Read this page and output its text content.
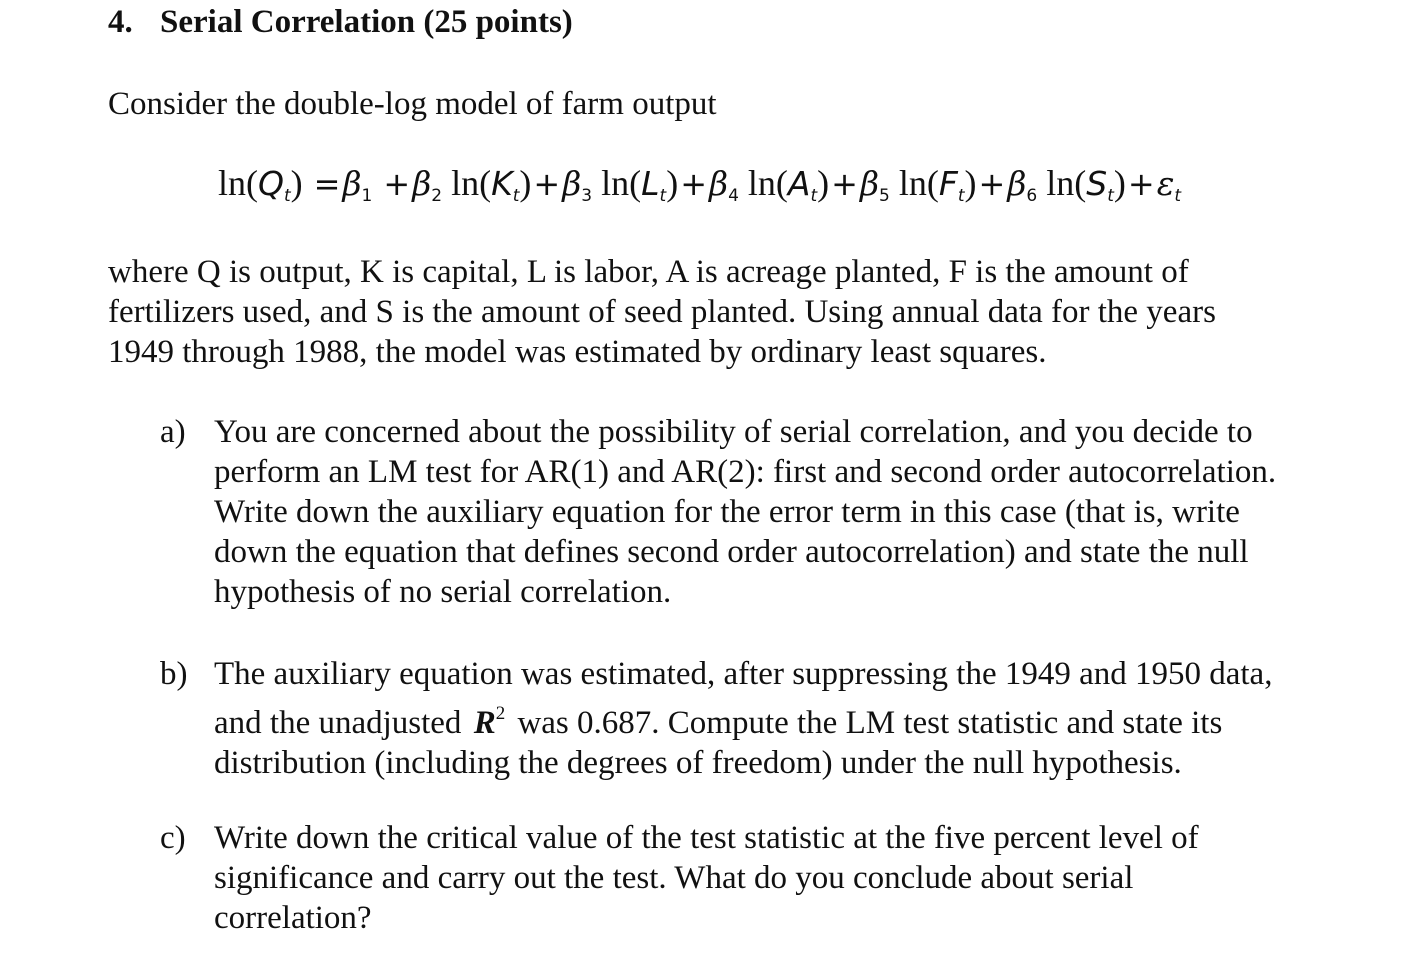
4. Serial Correlation (25 points)
Consider the double-log model of farm output
$\ln(Q_t) =\beta_1 +\beta_2$ $\ln(K_t)+\beta_3$ $\ln(L_t)+\beta_4$ $\ln(A_t)+\beta_5$ $\ln(F_t)+\beta_6$ $\ln(S_t)+\varepsilon_t$
where Q is output, K is capital, L is labor, A is acreage planted, F is the amount of
fertilizers used, and S is the amount of seed planted. Using annual data for the years
1949 through 1988, the model was estimated by ordinary least squares.
a) You are concerned about the possibility of serial correlation, and you decide to
perform an LM test for AR(1) and AR(2): first and second order autocorrelation.
Write down the auxiliary equation for the error term in this case (that is, write
down the equation that defines second order autocorrelation) and state the null
hypothesis of no serial correlation.
b) The auxiliary equation was estimated, after suppressing the 1949 and 1950 data,
and the unadjusted $R^2$ was 0.687. Compute the LM test statistic and state its
distribution (including the degrees of freedom) under the null hypothesis.
c) Write down the critical value of the test statistic at the five percent level of
significance and carry out the test. What do you conclude about serial
correlation?
